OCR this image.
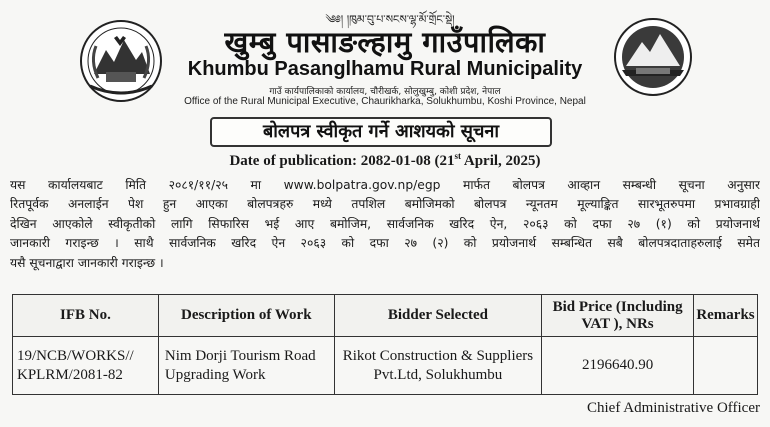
༄༅། །ཁུམ་བུ་པ་སངས་ལྷ་མོ་གྲོང་སྡེ།
खुम्बु पासाङल्हामु गाउँपालिका
Khumbu Pasanglhamu Rural Municipality
गाउँ कार्यपालिकाको कार्यालय, चौरीखर्क, सोलुखुम्बु, कोशी प्रदेश, नेपाल
Office of the Rural Municipal Executive, Chaurikharka, Solukhumbu, Koshi Province, Nepal
बोलपत्र स्वीकृत गर्ने आशयको सूचना
Date of publication: 2082-01-08 (21st April, 2025)
यस कार्यालयबाट मिति २०८१/११/२५ मा www.bolpatra.gov.np/egp मार्फत बोलपत्र आव्हान सम्बन्धी सूचना अनुसार
रितपूर्वक अनलाईन पेश हुन आएका बोलपत्रहरु मध्ये तपशिल बमोजिमको बोलपत्र न्यूनतम मूल्याङ्कित सारभूतरुपमा प्रभावग्राही
देखिन आएकोले स्वीकृतीको लागि सिफारिस भई आए बमोजिम, सार्वजनिक खरिद ऐन, २०६३ को दफा २७ (१) को प्रयोजनार्थ
जानकारी गराइन्छ । साथै सार्वजनिक खरिद ऐन २०६३ को दफा २७ (२) को प्रयोजनार्थ सम्बन्धित सबै बोलपत्रदाताहरुलाई समेत
यसै सूचनाद्वारा जानकारी गराइन्छ ।
IFB No.	Description of Work	Bidder Selected	Bid Price (Including VAT ), NRs	Remarks
19/NCB/WORKS// KPLRM/2081-82	Nim Dorji Tourism Road Upgrading Work	Rikot Construction & Suppliers Pvt.Ltd, Solukhumbu	2196640.90	
Chief Administrative Officer
